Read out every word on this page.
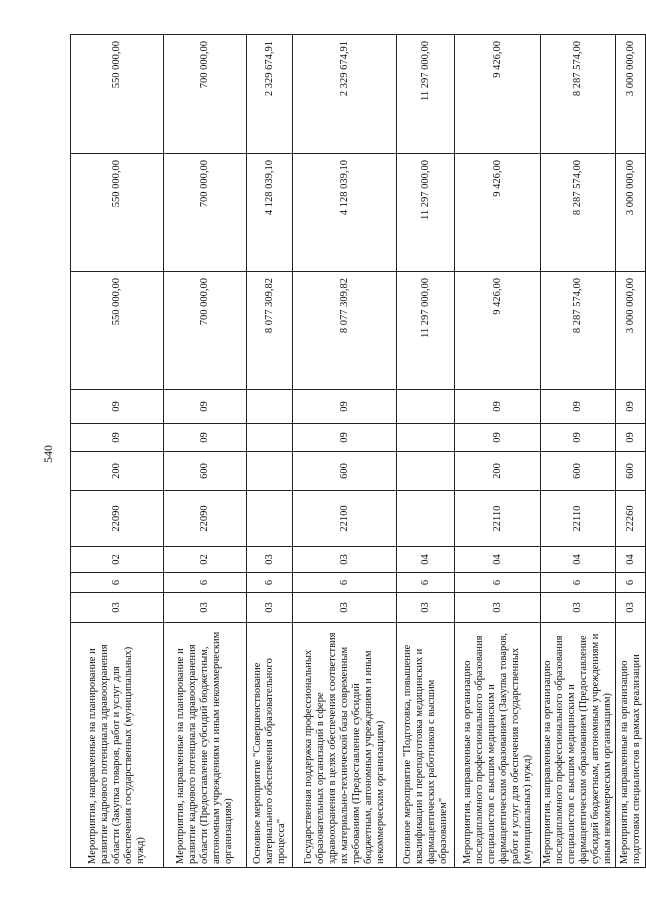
540
Мероприятия, направленные на планирование и развитие кадрового потенциала здравоохранения области (Закупка товаров, работ и услуг для обеспечения государственных (муниципальных) нужд)	03	6	02	22090	200	09	09	550 000,00	550 000,00	550 000,00
Мероприятия, направленные на планирование и развитие кадрового потенциала здравоохранения области (Предоставление субсидий бюджетным, автономным учреждениям и иным некоммерческим организациям)	03	6	02	22090	600	09	09	700 000,00	700 000,00	700 000,00
Основное мероприятие "Совершенствование материального обеспечения образовательного процесса"	03	6	03					8 077 309,82	4 128 039,10	2 329 674,91
Государственная поддержка профессиональных образовательных организаций в сфере здравоохранения в целях обеспечения соответствия их материально-технической базы современным требованиям (Предоставление субсидий бюджетным, автономным учреждениям и иным некоммерческим организациям)	03	6	03	22100	600	09	09	8 077 309,82	4 128 039,10	2 329 674,91
Основное мероприятие "Подготовка, повышение квалификации и переподготовка медицинских и фармацевтических работников с высшим образованием"	03	6	04					11 297 000,00	11 297 000,00	11 297 000,00
Мероприятия, направленные на организацию последипломного профессионального образования специалистов с высшим медицинским и фармацевтическим образованием (Закупка товаров, работ и услуг для обеспечения государственных (муниципальных) нужд)	03	6	04	22110	200	09	09	9 426,00	9 426,00	9 426,00
Мероприятия, направленные на организацию последипломного профессионального образования специалистов с высшим медицинским и фармацевтическим образованием (Предоставление субсидий бюджетным, автономным учреждениям и иным некоммерческим организациям)	03	6	04	22110	600	09	09	8 287 574,00	8 287 574,00	8 287 574,00
Мероприятия, направленные на организацию подготовки специалистов в рамках реализации	03	6	04	22260	600	09	09	3 000 000,00	3 000 000,00	3 000 000,00
